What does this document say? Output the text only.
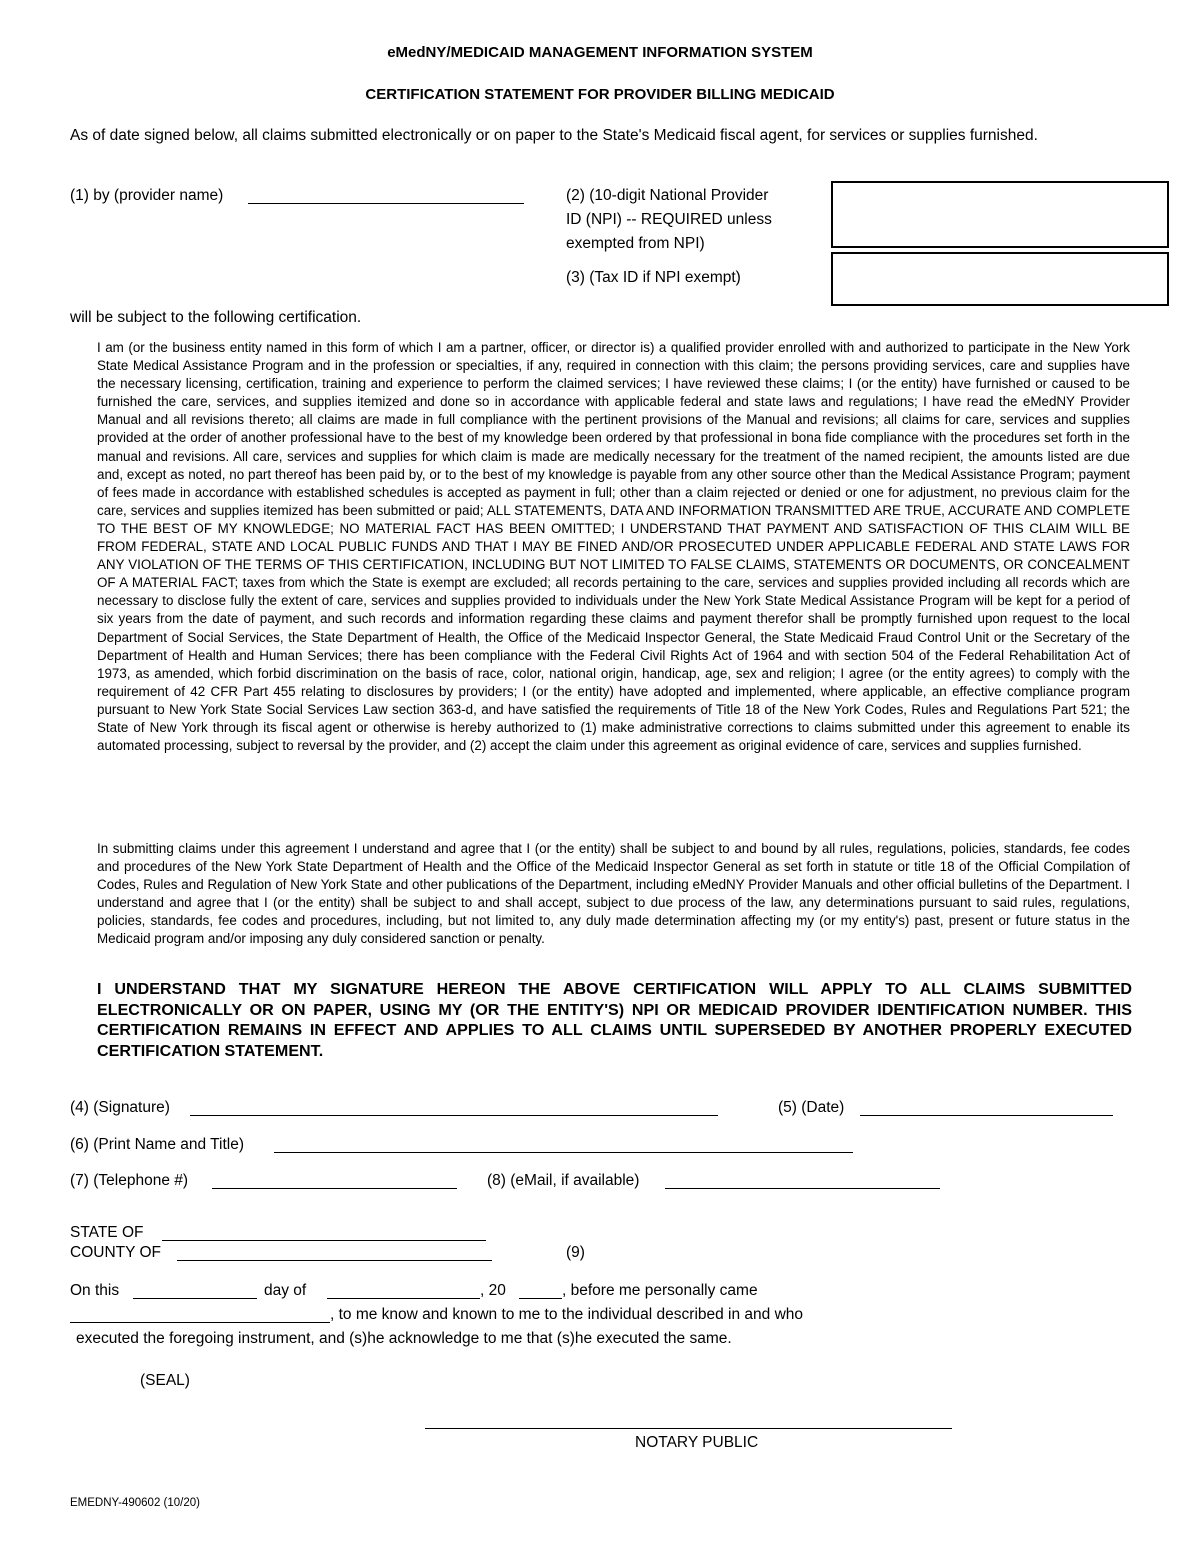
eMedNY/MEDICAID MANAGEMENT INFORMATION SYSTEM
CERTIFICATION STATEMENT FOR PROVIDER BILLING MEDICAID
As of date signed below, all claims submitted electronically or on paper to the State's Medicaid fiscal agent, for services or supplies furnished.
(1) by (provider name)	(2) (10-digit National Provider
ID (NPI) -- REQUIRED unless
exempted from NPI)
(3) (Tax ID if NPI exempt)
will be subject to the following certification.
I am (or the business entity named in this form of which I am a partner, officer, or director is) a qualified provider enrolled with and authorized to participate in the New York State Medical Assistance Program and in the profession or specialties, if any, required in connection with this claim; the persons providing services, care and supplies have the necessary licensing, certification, training and experience to perform the claimed services; I have reviewed these claims; I (or the entity) have furnished or caused to be furnished the care, services, and supplies itemized and done so in accordance with applicable federal and state laws and regulations; I have read the eMedNY Provider Manual and all revisions thereto; all claims are made in full compliance with the pertinent provisions of the Manual and revisions; all claims for care, services and supplies provided at the order of another professional have to the best of my knowledge been ordered by that professional in bona fide compliance with the procedures set forth in the manual and revisions. All care, services and supplies for which claim is made are medically necessary for the treatment of the named recipient, the amounts listed are due and, except as noted, no part thereof has been paid by, or to the best of my knowledge is payable from any other source other than the Medical Assistance Program; payment of fees made in accordance with established schedules is accepted as payment in full; other than a claim rejected or denied or one for adjustment, no previous claim for the care, services and supplies itemized has been submitted or paid; ALL STATEMENTS, DATA AND INFORMATION TRANSMITTED ARE TRUE, ACCURATE AND COMPLETE TO THE BEST OF MY KNOWLEDGE; NO MATERIAL FACT HAS BEEN OMITTED; I UNDERSTAND THAT PAYMENT AND SATISFACTION OF THIS CLAIM WILL BE FROM FEDERAL, STATE AND LOCAL PUBLIC FUNDS AND THAT I MAY BE FINED AND/OR PROSECUTED UNDER APPLICABLE FEDERAL AND STATE LAWS FOR ANY VIOLATION OF THE TERMS OF THIS CERTIFICATION, INCLUDING BUT NOT LIMITED TO FALSE CLAIMS, STATEMENTS OR DOCUMENTS, OR CONCEALMENT OF A MATERIAL FACT; taxes from which the State is exempt are excluded; all records pertaining to the care, services and supplies provided including all records which are necessary to disclose fully the extent of care, services and supplies provided to individuals under the New York State Medical Assistance Program will be kept for a period of six years from the date of payment, and such records and information regarding these claims and payment therefor shall be promptly furnished upon request to the local Department of Social Services, the State Department of Health, the Office of the Medicaid Inspector General, the State Medicaid Fraud Control Unit or the Secretary of the Department of Health and Human Services; there has been compliance with the Federal Civil Rights Act of 1964 and with section 504 of the Federal Rehabilitation Act of 1973, as amended, which forbid discrimination on the basis of race, color, national origin, handicap, age, sex and religion; I agree (or the entity agrees) to comply with the requirement of 42 CFR Part 455 relating to disclosures by providers; I (or the entity) have adopted and implemented, where applicable, an effective compliance program pursuant to New York State Social Services Law section 363-d, and have satisfied the requirements of Title 18 of the New York Codes, Rules and Regulations Part 521; the State of New York through its fiscal agent or otherwise is hereby authorized to (1) make administrative corrections to claims submitted under this agreement to enable its automated processing, subject to reversal by the provider, and (2) accept the claim under this agreement as original evidence of care, services and supplies furnished.
In submitting claims under this agreement I understand and agree that I (or the entity) shall be subject to and bound by all rules, regulations, policies, standards, fee codes and procedures of the New York State Department of Health and the Office of the Medicaid Inspector General as set forth in statute or title 18 of the Official Compilation of Codes, Rules and Regulation of New York State and other publications of the Department, including eMedNY Provider Manuals and other official bulletins of the Department. I understand and agree that I (or the entity) shall be subject to and shall accept, subject to due process of the law, any determinations pursuant to said rules, regulations, policies, standards, fee codes and procedures, including, but not limited to, any duly made determination affecting my (or my entity's) past, present or future status in the Medicaid program and/or imposing any duly considered sanction or penalty.
I UNDERSTAND THAT MY SIGNATURE HEREON THE ABOVE CERTIFICATION WILL APPLY TO ALL CLAIMS SUBMITTED ELECTRONICALLY OR ON PAPER, USING MY (OR THE ENTITY'S) NPI OR MEDICAID PROVIDER IDENTIFICATION NUMBER. THIS CERTIFICATION REMAINS IN EFFECT AND APPLIES TO ALL CLAIMS UNTIL SUPERSEDED BY ANOTHER PROPERLY EXECUTED CERTIFICATION STATEMENT.
(4) (Signature)	(5) (Date)
(6) (Print Name and Title)
(7) (Telephone #)	(8) (eMail, if available)
STATE OF
COUNTY OF	(9)
On this	day of	, 20	, before me personally came
, to me know and known to me to the individual described in and who
executed the foregoing instrument, and (s)he acknowledge to me that (s)he executed the same.
(SEAL)
NOTARY PUBLIC
EMEDNY-490602 (10/20)
